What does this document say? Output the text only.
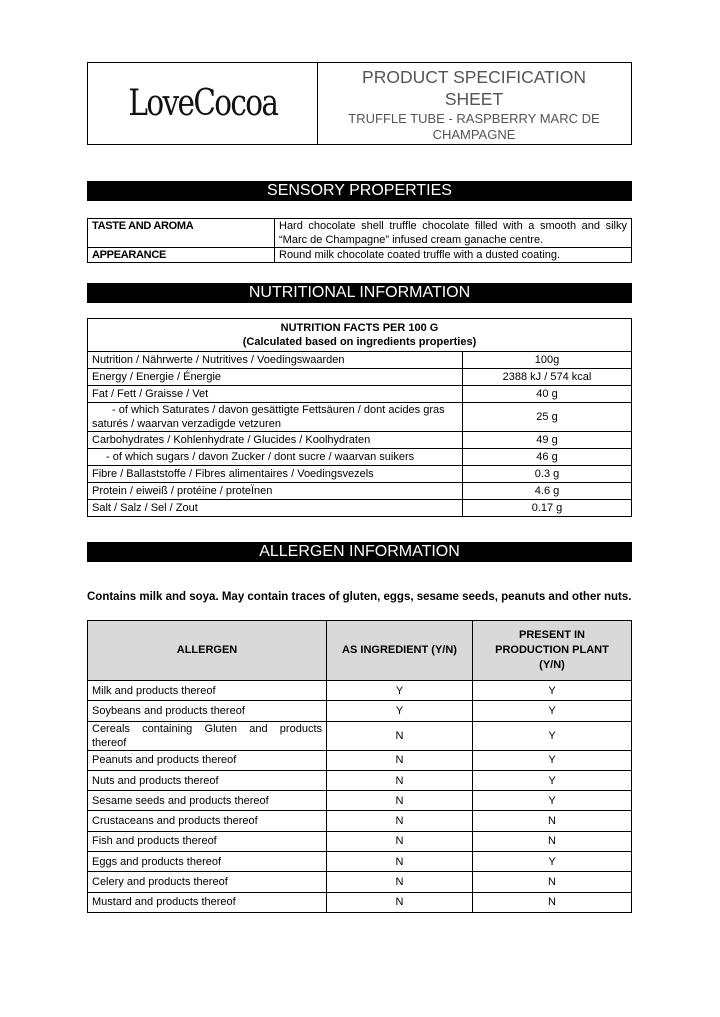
LoveCocoa
PRODUCT SPECIFICATION SHEET
TRUFFLE TUBE - RASPBERRY MARC DE CHAMPAGNE
SENSORY PROPERTIES
TASTE AND AROMA	Hard chocolate shell truffle chocolate filled with a smooth and silky “Marc de Champagne” infused cream ganache centre.
APPEARANCE	Round milk chocolate coated truffle with a dusted coating.
NUTRITIONAL INFORMATION
NUTRITION FACTS PER 100 G
(Calculated based on ingredients properties)	

Nutrition / Nährwerte / Nutritives / Voedingswaarden	100g
Energy / Energie / Énergie	2388 kJ / 574 kcal
Fat / Fett / Graisse / Vet	40 g
- of which Saturates / davon gesättigte Fettsäuren / dont acides gras saturés / waarvan verzadigde vetzuren	25 g
Carbohydrates / Kohlenhydrate / Glucides / Koolhydraten	49 g
- of which sugars / davon Zucker / dont sucre / waarvan suikers	46 g
Fibre / Ballaststoffe / Fibres alimentaires / Voedingsvezels	0.3 g
Protein / eiweiß / protéine / proteÏnen	4.6 g
Salt / Salz / Sel / Zout	0.17 g
ALLERGEN INFORMATION
Contains milk and soya. May contain traces of gluten, eggs, sesame seeds, peanuts and other nuts.
ALLERGEN	AS INGREDIENT (Y/N)	PRESENT IN PRODUCTION PLANT (Y/N)
Milk and products thereof	Y	Y
Soybeans and products thereof	Y	Y
Cereals containing Gluten and products thereof	N	Y
Peanuts and products thereof	N	Y
Nuts and products thereof	N	Y
Sesame seeds and products thereof	N	Y
Crustaceans and products thereof	N	N
Fish and products thereof	N	N
Eggs and products thereof	N	Y
Celery and products thereof	N	N
Mustard and products thereof	N	N
